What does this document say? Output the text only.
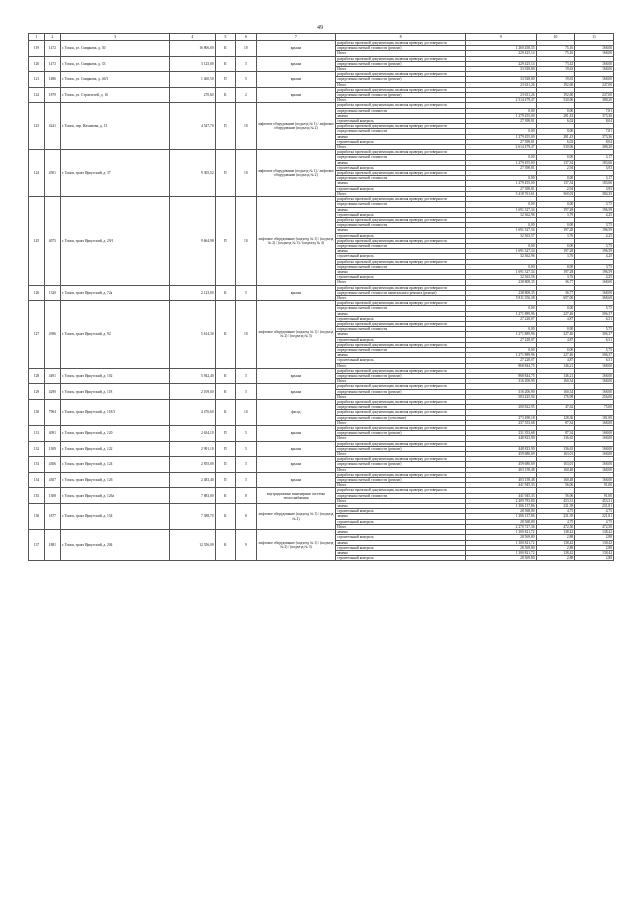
49
1	2	3	4	5	6	7	8	9	10	11
119	1472	г. Томск, ул. Смирнова, д. 30	16 806,00	К	10	крыша	разработка проектной документации, включая проверку достоверности			
							определения сметной стоимости (ремонт)	1 260 458,35	75,16	168,00
							Итого	229 425,14	75,16	168,00
120	1473	г. Томск, ул. Смирнова, д. 33	3 125,00	К	5	крыша	разработка проектной документации, включая проверку достоверности			
							определения сметной стоимости (ремонт)	229 425,14	73,42	168,00
							Итого	33 928,80	19,63	168,00
121	1486	г. Томск, ул. Смирнова, д. 46/3	1 460,50	П	5	крыша	разработка проектной документации, включая проверку достоверности			
							определения сметной стоимости (ремонт)	33 928,80	19,63	168,00
							Итого	23 631,26	192,60	247,00
122	1879	г. Томск, ул. Строителей, д. 16	270,60	К	2	крыша	разработка проектной документации, включая проверку достоверности			
							определения сметной стоимости (ремонт)	23 631,26	192,60	247,00
							Итого	2 514 479,47	530,06	388,20
123	4241	г. Томск, пер. Нахимова, д. 13	4 547,70	П	10	лифтовое оборудование (подъезд № 1) / лифтовое оборудование (подъезд № 2)	разработка проектной документации, включая проверку достоверности			
							определения сметной стоимости	0,00	0,00	7,81
							замена	1 279 455,00	281,43	373,36
							строительный контроль	27 398,81	6,02	8,04
							разработка проектной документации, включая проверку достоверности			
							определения сметной стоимости	0,00	0,00	7,81
							замена	1 279 455,00	281,43	373,36
							строительный контроль	27 398,81	6,02	8,04
							Итого	2 614 479,47	530,06	388,20
124	4501	г. Томск, тракт Иркутский, д. 37	9 305,52	П	10	лифтовое оборудование (подъезд № 1) / лифтовое оборудование (подъезд № 2)	разработка проектной документации, включая проверку достоверности			
							определения сметной стоимости	0,00	0,00	3,17
							замена	1 279 455,00	137,34	183,66
							строительный контроль	27 398,81	2,94	3,93
							разработка проектной документации, включая проверку достоверности			
							определения сметной стоимости	0,00	0,00	3,17
							замена	1 279 455,00	137,34	183,66
							строительный контроль	27 398,81	2,94	3,93
							Итого	5 418 761,61	560,03	384,35
125	4073	г. Томск, тракт Иркутский, д. 29/1	9 664,98	П	10	лифтовое оборудование (подъезд № 1) / (подъезд № 2) / (подъезд № 3) / (подъезд № 4)	разработка проектной документации, включая проверку достоверности			
							определения сметной стоимости	0,00	0,00	3,75
							замена	1 691 327,34	197,28	196,59
							строительный контроль	32 362,96	3,79	4,25
							разработка проектной документации, включая проверку достоверности			
							определения сметной стоимости	0,00	0,00	3,75
							замена	1 691 327,34	197,28	196,59
							строительный контроль	32 363,57	3,76	4,25
							разработка проектной документации, включая проверку достоверности			
							определения сметной стоимости	0,00	0,00	3,75
							замена	1 691 327,34	197,28	196,59
							строительный контроль	32 362,96	3,76	4,25
							разработка проектной документации, включая проверку достоверности			
							определения сметной стоимости	0,00	0,00	3,75
							замена	1 691 327,34	197,28	196,59
							строительный контроль	32 363,56	3,76	4,25
							Итого	238 808,35	36,77	168,00
126	1320	г. Томск, тракт Иркутский, д. 72а	2 123,00	К	5	крыша	разработка проектной документации, включая проверку достоверности			
							определения сметной стоимости капитального ремонта (ремонт)	238 808,35	36,77	168,00
							Итого	5 811 356,38	697,00	368,69
127	4396	г. Томск, тракт Иркутский, д. 92	5 614,30	К	10	лифтовое оборудование (подъезд № 1) / (подъезд № 2) / (подъезд № 3)	разработка проектной документации, включая проверку достоверности			
							определения сметной стоимости	0,00	0,00	5,75
							замена	1 271 889,96	227,46	306,37
							строительный контроль	27 228,07	4,87	6,51
							разработка проектной документации, включая проверку достоверности			
							определения сметной стоимости	0,00	0,00	5,75
							замена	1 271 889,96	227,46	306,37
							строительный контроль	27 228,07	4,87	6,51
							разработка проектной документации, включая проверку достоверности			
							определения сметной стоимости	0,00	0,00	5,75
							замена	1 271 889,96	227,46	306,37
							строительный контроль	27 228,07	4,87	6,51
							Итого	868 844,75	146,21	168,00
128	4491	г. Томск, тракт Иркутский, д. 102	5 942,40	К	5	крыша	разработка проектной документации, включая проверку достоверности			
							определения сметной стоимости (ремонт)	868 844,75	146,21	168,00
							Итого	316 206,90	160,34	168,00
129	4290	г. Томск, тракт Иркутский, д. 118	2 109,00	К	5	крыша	разработка проектной документации, включая проверку достоверности			
							определения сметной стоимости (ремонт)	316 206,90	160,34	168,00
							Итого	583 425,94	176,99	256,00
130	7904	г. Томск, тракт Иркутский, д. 118/3	4 476,60	К	10	фасад	разработка проектной документации, включая проверку достоверности			
							определения сметной стоимости	200 822,95	47,62	75,00
							разработка проектной документации, включая проверку достоверности			
							определения сметной стоимости (утепление)	273 498,18	128,36	181,00
							Итого	237 353,68	87,34	168,00
131	4091	г. Томск, тракт Иркутский, д. 120	2 634,10	П	5	крыша	разработка проектной документации, включая проверку достоверности			
							определения сметной стоимости (ремонт)	231 353,68	87,34	168,00
							Итого	448 823,90	136,63	168,00
132	1309	г. Томск, тракт Иркутский, д. 122	2 991,10	П	5	крыша	разработка проектной документации, включая проверку достоверности			
							определения сметной стоимости (ремонт)	448 823,90	136,63	168,00
							Итого	459 680,69	163,01	168,00
133	4306	г. Томск, тракт Иркутский, д. 124	2 855,00	П	5	крыша	разработка проектной документации, включая проверку достоверности			
							определения сметной стоимости (ремонт)	459 680,69	163,01	168,00
							Итого	403 158,48	160,48	168,00
134	4307	г. Томск, тракт Иркутский, д. 126	2 483,40	П	5	крыша	разработка проектной документации, включая проверку достоверности			
							определения сметной стоимости (ремонт)	403 158,48	160,48	168,00
							Итого	441 945,33	56,06	91,00
135	1308	г. Томск, тракт Иркутский, д. 126а	7 883,00	К	8	внутридомовые инженерные системы теплоснабжения	разработка проектной документации, включая проверку достоверности			
							определения сметной стоимости	441 945,33	56,06	91,00
							Итого	2 409 783,80	453,31	453,31
136	1877	г. Томск, тракт Иркутский, д. 154	7 388,70	К	8	лифтовое оборудование (подъезд № 1) / (подъезд № 2)	замена	1 306 137,86	231,39	231,81
							строительный контроль	28 568,80	4,75	4,75
							замена	1 306 137,86	231,39	221,81
							строительный контроль	28 568,80	4,75	4,75
							Итого	2 270 727,36	472,50	472,50
137	1881	г. Томск, тракт Иркутский, д. 204	12 356,00	К	9	лифтовое оборудование (подъезд № 1) / (подъезд № 2) / (подъезд № 3)	замена	1 300 821,72	138,42	138,42
							строительный контроль	28 569,80	2,88	2,88
							замена	1 300 821,72	138,42	138,42
							строительный контроль	28 569,80	2,88	2,88
							замена	1 300 821,72	138,42	138,42
							строительный контроль	28 569,80	2,88	2,88
